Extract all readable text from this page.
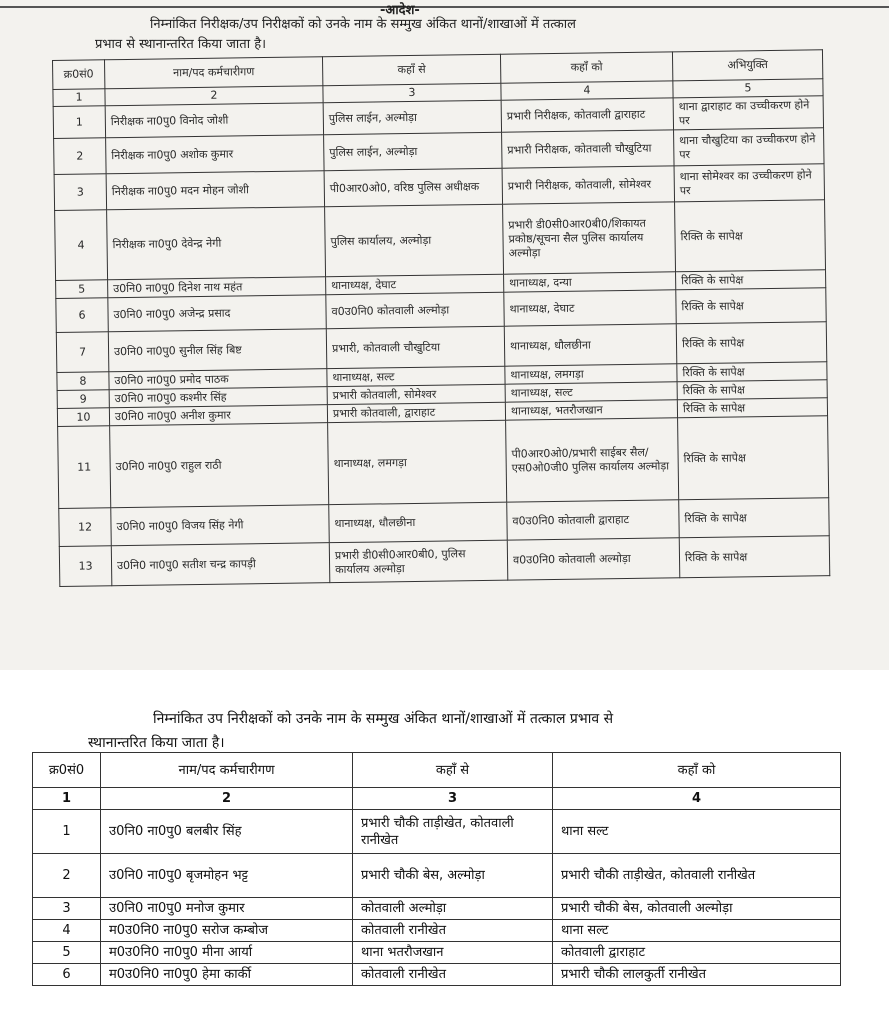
-आदेश-
निम्नांकित निरीक्षक/उप निरीक्षकों को उनके नाम के सम्मुख अंकित थानों/शाखाओं में तत्काल
प्रभाव से स्थानान्तरित किया जाता है।
क्र0सं0	नाम/पद कर्मचारीगण	कहाँ से	कहाँ को	अभियुक्ति
1	2	3	4	5
1	निरीक्षक ना0पु0 विनोद जोशी	पुलिस लाईन, अल्मोड़ा	प्रभारी निरीक्षक, कोतवाली द्वाराहाट	थाना द्वाराहाट का उच्चीकरण होने पर
2	निरीक्षक ना0पु0 अशोक कुमार	पुलिस लाईन, अल्मोड़ा	प्रभारी निरीक्षक, कोतवाली चौखुटिया	थाना चौखुटिया का उच्चीकरण होने पर
3	निरीक्षक ना0पु0 मदन मोहन जोशी	पी0आर0ओ0, वरिष्ठ पुलिस अधीक्षक	प्रभारी निरीक्षक, कोतवाली, सोमेश्वर	थाना सोमेश्वर का उच्चीकरण होने पर
4	निरीक्षक ना0पु0 देवेन्द्र नेगी	पुलिस कार्यालय, अल्मोड़ा	प्रभारी डी0सी0आर0बी0/शिकायत प्रकोष्ठ/सूचना सैल पुलिस कार्यालय अल्मोड़ा	रिक्ति के सापेक्ष
5	उ0नि0 ना0पु0 दिनेश नाथ महंत	थानाध्यक्ष, देघाट	थानाध्यक्ष, दन्या	रिक्ति के सापेक्ष
6	उ0नि0 ना0पु0 अजेन्द्र प्रसाद	व0उ0नि0 कोतवाली अल्मोड़ा	थानाध्यक्ष, देघाट	रिक्ति के सापेक्ष
7	उ0नि0 ना0पु0 सुनील सिंह बिष्ट	प्रभारी, कोतवाली चौखुटिया	थानाध्यक्ष, धौलछीना	रिक्ति के सापेक्ष
8	उ0नि0 ना0पु0 प्रमोद पाठक	थानाध्यक्ष, सल्ट	थानाध्यक्ष, लमगड़ा	रिक्ति के सापेक्ष
9	उ0नि0 ना0पु0 कश्मीर सिंह	प्रभारी कोतवाली, सोमेश्वर	थानाध्यक्ष, सल्ट	रिक्ति के सापेक्ष
10	उ0नि0 ना0पु0 अनीश कुमार	प्रभारी कोतवाली, द्वाराहाट	थानाध्यक्ष, भतरौजखान	रिक्ति के सापेक्ष
11	उ0नि0 ना0पु0 राहुल राठी	थानाध्यक्ष, लमगड़ा	पी0आर0ओ0/प्रभारी साईबर सैल/एस0ओ0जी0 पुलिस कार्यालय अल्मोड़ा	रिक्ति के सापेक्ष
12	उ0नि0 ना0पु0 विजय सिंह नेगी	थानाध्यक्ष, धौलछीना	व0उ0नि0 कोतवाली द्वाराहाट	रिक्ति के सापेक्ष
13	उ0नि0 ना0पु0 सतीश चन्द्र कापड़ी	प्रभारी डी0सी0आर0बी0, पुलिस कार्यालय अल्मोड़ा	व0उ0नि0 कोतवाली अल्मोड़ा	रिक्ति के सापेक्ष
निम्नांकित उप निरीक्षकों को उनके नाम के सम्मुख अंकित थानों/शाखाओं में तत्काल प्रभाव से
स्थानान्तरित किया जाता है।
क्र0सं0	नाम/पद कर्मचारीगण	कहाँ से	कहाँ को
1	2	3	4
1	उ0नि0 ना0पु0 बलबीर सिंह	प्रभारी चौकी ताड़ीखेत, कोतवाली रानीखेत	थाना सल्ट
2	उ0नि0 ना0पु0 बृजमोहन भट्ट	प्रभारी चौकी बेस, अल्मोड़ा	प्रभारी चौकी ताड़ीखेत, कोतवाली रानीखेत
3	उ0नि0 ना0पु0 मनोज कुमार	कोतवाली अल्मोड़ा	प्रभारी चौकी बेस, कोतवाली अल्मोड़ा
4	म0उ0नि0 ना0पु0 सरोज कम्बोज	कोतवाली रानीखेत	थाना सल्ट
5	म0उ0नि0 ना0पु0 मीना आर्या	थाना भतरौजखान	कोतवाली द्वाराहाट
6	म0उ0नि0 ना0पु0 हेमा कार्की	कोतवाली रानीखेत	प्रभारी चौकी लालकुर्ती रानीखेत
